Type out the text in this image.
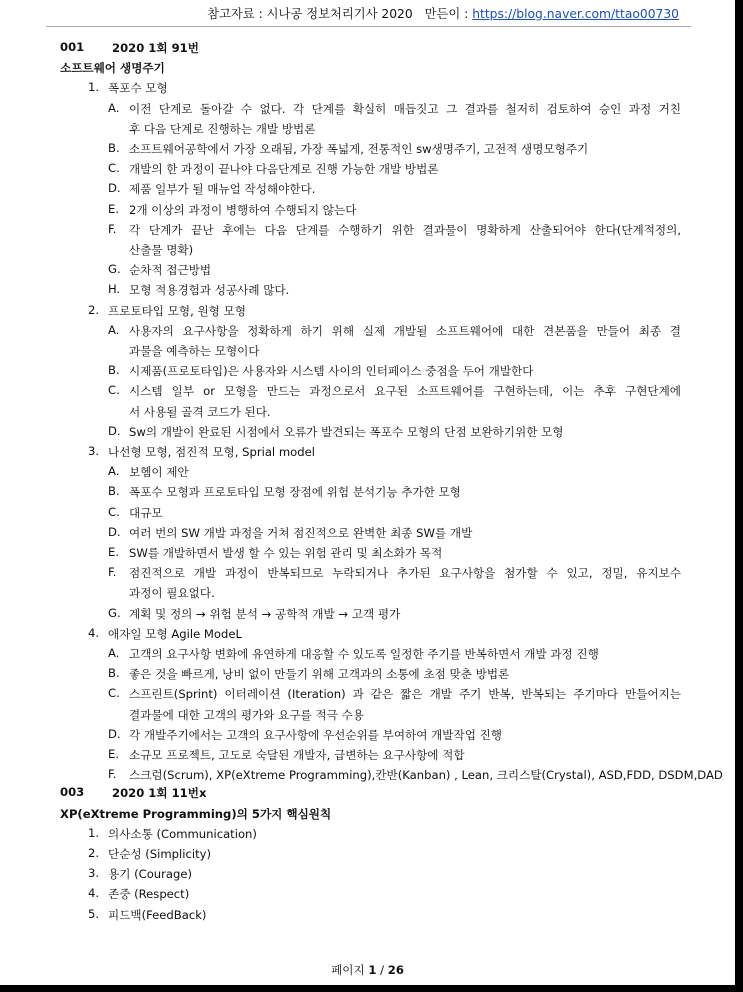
참고자료 : 시나공 정보처리기사 2020 만든이 : https://blog.naver.com/ttao00730
001 2020 1회 91번
소프트웨어 생명주기
1. 폭포수 모형
A. 이전 단계로 돌아갈 수 없다. 각 단계를 확실히 매듭짓고 그 결과를 철저히 검토하여 승인 과정 거친
후 다음 단계로 진행하는 개발 방법론
B. 소프트웨어공학에서 가장 오래됨, 가장 폭넓게, 전통적인 sw생명주기, 고전적 생명모형주기
C. 개발의 한 과정이 끝나야 다음단계로 진행 가능한 개발 방법론
D. 제품 일부가 될 매뉴얼 작성해야한다.
E. 2개 이상의 과정이 병행하여 수행되지 않는다
F. 각 단계가 끝난 후에는 다음 단계를 수행하기 위한 결과물이 명확하게 산출되어야 한다(단계적정의,
산출물 명확)
G. 순차적 접근방법
H. 모형 적용경험과 성공사례 많다.
2. 프로토타입 모형, 원형 모형
A. 사용자의 요구사항을 정확하게 하기 위해 실제 개발될 소프트웨어에 대한 견본품을 만들어 최종 결
과물을 예측하는 모형이다
B. 시제품(프로토타입)은 사용자와 시스템 사이의 인터페이스 중점을 두어 개발한다
C. 시스템 일부 or 모형을 만드는 과정으로서 요구된 소프트웨어를 구현하는데, 이는 추후 구현단계에
서 사용될 골격 코드가 된다.
D. Sw의 개발이 완료된 시점에서 오류가 발견되는 폭포수 모형의 단점 보완하기위한 모형
3. 나선형 모형, 점진적 모형, Sprial model
A. 보헴이 제안
B. 폭포수 모형과 프로토타입 모형 장점에 위험 분석기능 추가한 모형
C. 대규모
D. 여러 번의 SW 개발 과정을 거쳐 점진적으로 완벽한 최종 SW를 개발
E. SW를 개발하면서 발생 할 수 있는 위험 관리 및 최소화가 목적
F. 점진적으로 개발 과정이 반복되므로 누락되거나 추가된 요구사항을 첨가할 수 있고, 정밀, 유지보수
과정이 필요없다.
G. 계획 및 정의 → 위험 분석 → 공학적 개발 → 고객 평가
4. 애자일 모형 Agile ModeL
A. 고객의 요구사항 변화에 유연하게 대응할 수 있도록 일정한 주기를 반복하면서 개발 과정 진행
B. 좋은 것을 빠르게, 낭비 없이 만들기 위해 고객과의 소통에 초점 맞춘 방법론
C. 스프린트(Sprint) 이터레이션 (Iteration) 과 같은 짧은 개발 주기 반복, 반복되는 주기마다 만들어지는
결과물에 대한 고객의 평가와 요구를 적극 수용
D. 각 개발주기에서는 고객의 요구사항에 우선순위를 부여하여 개발작업 진행
E. 소규모 프로젝트, 고도로 숙달된 개발자, 급변하는 요구사항에 적합
F. 스크럼(Scrum), XP(eXtreme Programming),칸반(Kanban) , Lean, 크리스탈(Crystal), ASD,FDD, DSDM,DAD
003 2020 1회 11번x
XP(eXtreme Programming)의 5가지 핵심원칙
1. 의사소통 (Communication)
2. 단순성 (Simplicity)
3. 용기 (Courage)
4. 존중 (Respect)
5. 피드백(FeedBack)
페이지 1 / 26
